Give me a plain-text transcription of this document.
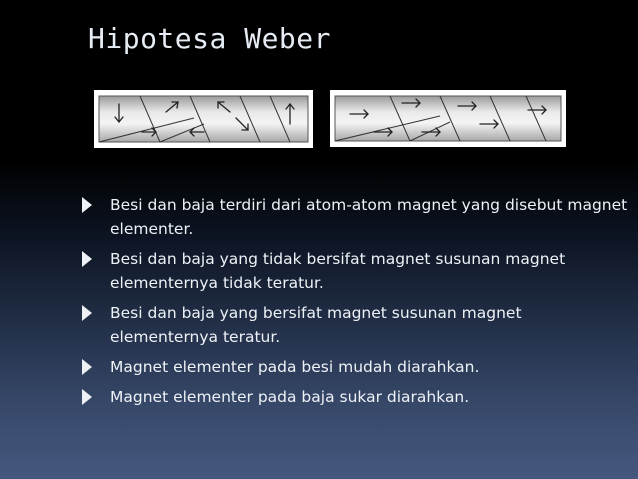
Hipotesa Weber
Besi dan baja terdiri dari atom-atom magnet yang disebut magnet elementer.
Besi dan baja yang tidak bersifat magnet susunan magnet elementernya tidak teratur.
Besi dan baja yang bersifat magnet susunan magnet elementernya teratur.
Magnet elementer pada besi mudah diarahkan.
Magnet elementer pada baja sukar diarahkan.
